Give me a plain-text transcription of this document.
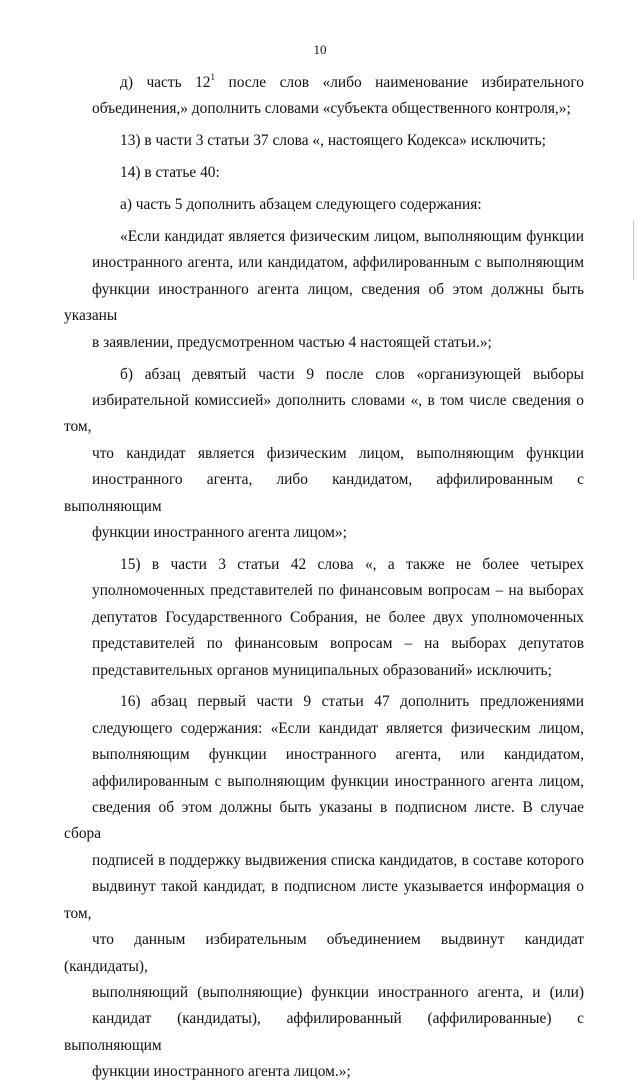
10

д) часть $12^1$ после слов «либо наименование избирательного
объединения,» дополнить словами «субъекта общественного контроля,»;

13) в части 3 статьи 37 слова «, настоящего Кодекса» исключить;

14) в статье 40:

а) часть 5 дополнить абзацем следующего содержания:

«Если кандидат является физическим лицом, выполняющим функции
иностранного агента, или кандидатом, аффилированным с выполняющим
функции иностранного агента лицом, сведения об этом должны быть указаны
в заявлении, предусмотренном частью 4 настоящей статьи.»;

б) абзац девятый части 9 после слов «организующей выборы
избирательной комиссией» дополнить словами «, в том числе сведения о том,
что кандидат является физическим лицом, выполняющим функции
иностранного агента, либо кандидатом, аффилированным с выполняющим
функции иностранного агента лицом»;

15) в части 3 статьи 42 слова «, а также не более четырех
уполномоченных представителей по финансовым вопросам – на выборах
депутатов Государственного Собрания, не более двух уполномоченных
представителей по финансовым вопросам – на выборах депутатов
представительных органов муниципальных образований» исключить;

16) абзац первый части 9 статьи 47 дополнить предложениями
следующего содержания: «Если кандидат является физическим лицом,
выполняющим функции иностранного агента, или кандидатом,
аффилированным с выполняющим функции иностранного агента лицом,
сведения об этом должны быть указаны в подписном листе. В случае сбора
подписей в поддержку выдвижения списка кандидатов, в составе которого
выдвинут такой кандидат, в подписном листе указывается информация о том,
что данным избирательным объединением выдвинут кандидат (кандидаты),
выполняющий (выполняющие) функции иностранного агента, и (или)
кандидат (кандидаты), аффилированный (аффилированные) с выполняющим
функции иностранного агента лицом.»;
